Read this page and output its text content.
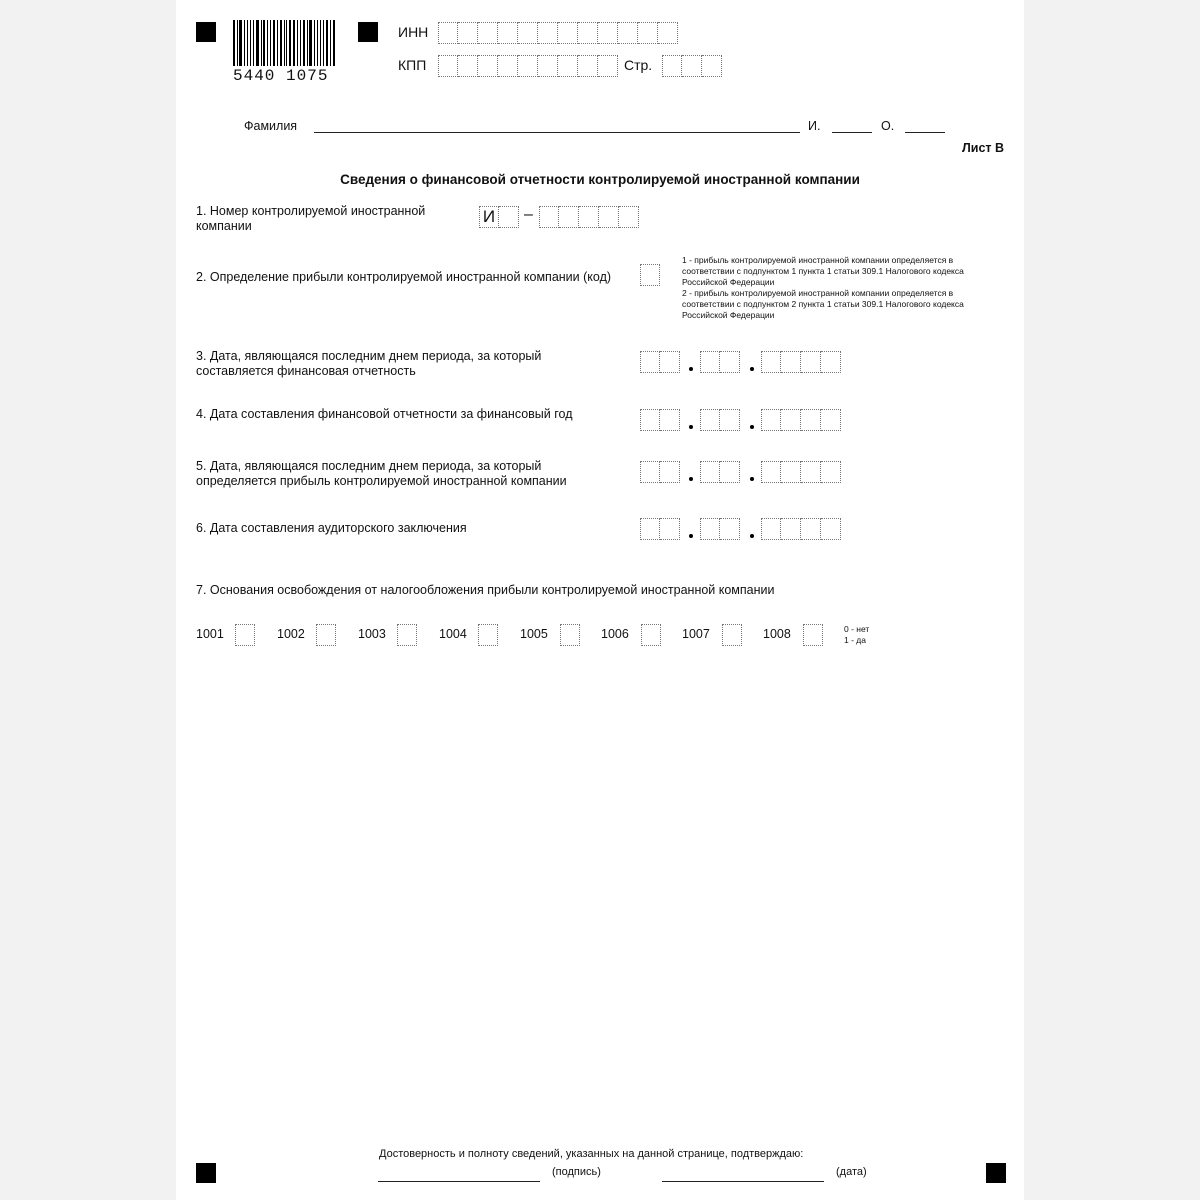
5440 1075
ИНН
КПП	Стр.
Фамилия	И.	О.
Лист В
Сведения о финансовой отчетности контролируемой иностранной компании
1. Номер контролируемой иностранной компании	И –
2. Определение прибыли контролируемой иностранной компании (код)
1 - прибыль контролируемой иностранной компании определяется в соответствии с подпунктом 1 пункта 1 статьи 309.1 Налогового кодекса Российской Федерации
2 - прибыль контролируемой иностранной компании определяется в соответствии с подпунктом 2 пункта 1 статьи 309.1 Налогового кодекса Российской Федерации
3. Дата, являющаяся последним днем периода, за который составляется финансовая отчетность
4. Дата составления финансовой отчетности за финансовый год
5. Дата, являющаяся последним днем периода, за который определяется прибыль контролируемой иностранной компании
6. Дата составления аудиторского заключения
7. Основания освобождения от налогообложения прибыли контролируемой иностранной компании
1001	1002	1003	1004	1005	1006	1007	1008	0 - нет
1 - да
Достоверность и полноту сведений, указанных на данной странице, подтверждаю:
(подпись)	(дата)
